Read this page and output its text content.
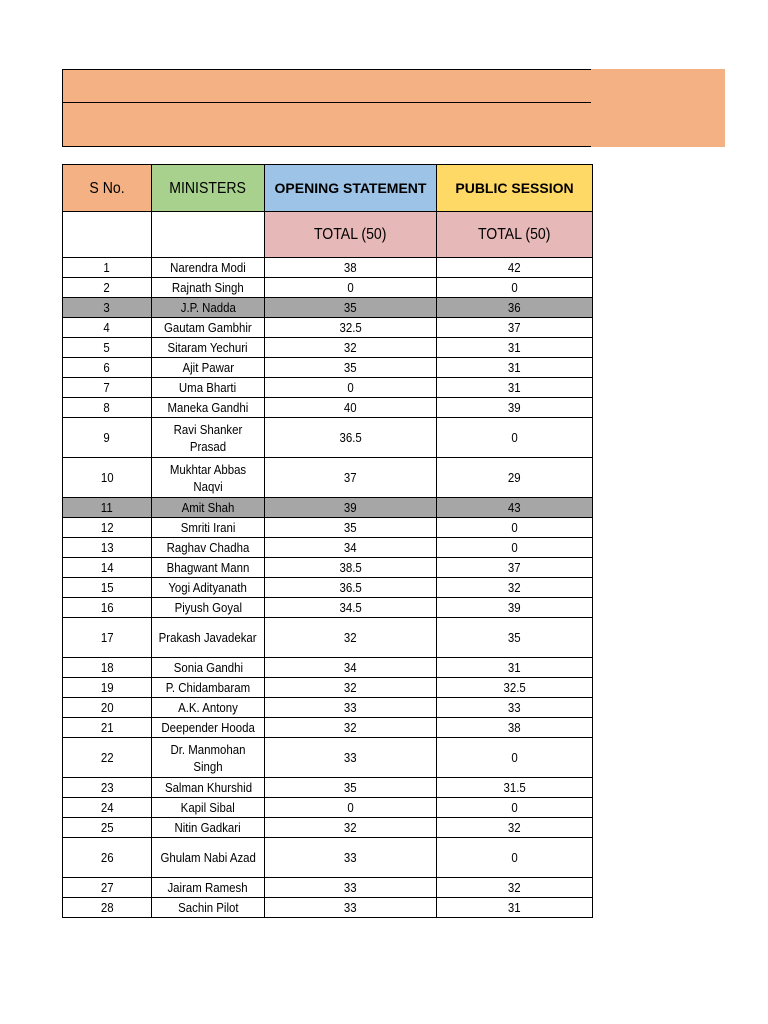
S No.	MINISTERS	OPENING STATEMENT	PUBLIC SESSION
		TOTAL (50)	TOTAL (50)
1	Narendra Modi	38	42
2	Rajnath Singh	0	0
3	J.P. Nadda	35	36
4	Gautam Gambhir	32.5	37
5	Sitaram Yechuri	32	31
6	Ajit Pawar	35	31
7	Uma Bharti	0	31
8	Maneka Gandhi	40	39
9	Ravi Shanker Prasad	36.5	0
10	Mukhtar Abbas Naqvi	37	29
11	Amit Shah	39	43
12	Smriti Irani	35	0
13	Raghav Chadha	34	0
14	Bhagwant Mann	38.5	37
15	Yogi Adityanath	36.5	32
16	Piyush Goyal	34.5	39
17	Prakash Javadekar	32	35
18	Sonia Gandhi	34	31
19	P. Chidambaram	32	32.5
20	A.K. Antony	33	33
21	Deepender Hooda	32	38
22	Dr. Manmohan Singh	33	0
23	Salman Khurshid	35	31.5
24	Kapil Sibal	0	0
25	Nitin Gadkari	32	32
26	Ghulam Nabi Azad	33	0
27	Jairam Ramesh	33	32
28	Sachin Pilot	33	31
